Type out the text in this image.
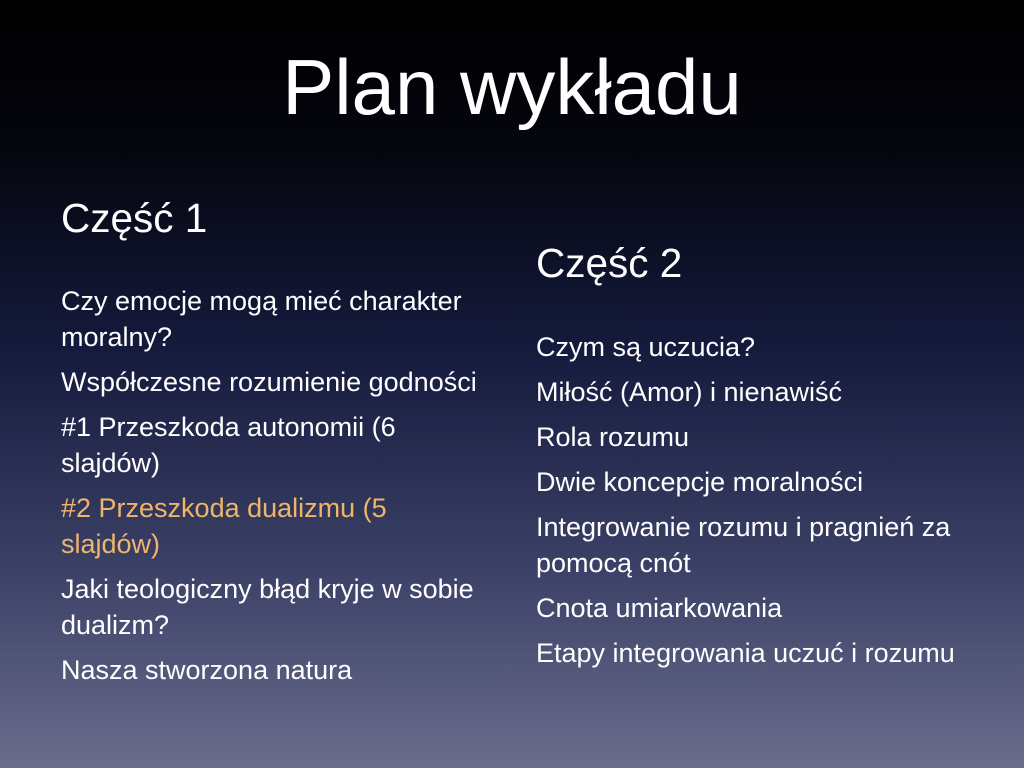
Plan wykładu
Część 1
Czy emocje mogą mieć charakter moralny?
Współczesne rozumienie godności
#1 Przeszkoda autonomii (6 slajdów)
#2 Przeszkoda dualizmu (5 slajdów)
Jaki teologiczny błąd kryje w sobie dualizm?
Nasza stworzona natura
Część 2
Czym są uczucia?
Miłość (Amor) i nienawiść
Rola rozumu
Dwie koncepcje moralności
Integrowanie rozumu i pragnień za pomocą cnót
Cnota umiarkowania
Etapy integrowania uczuć i rozumu
